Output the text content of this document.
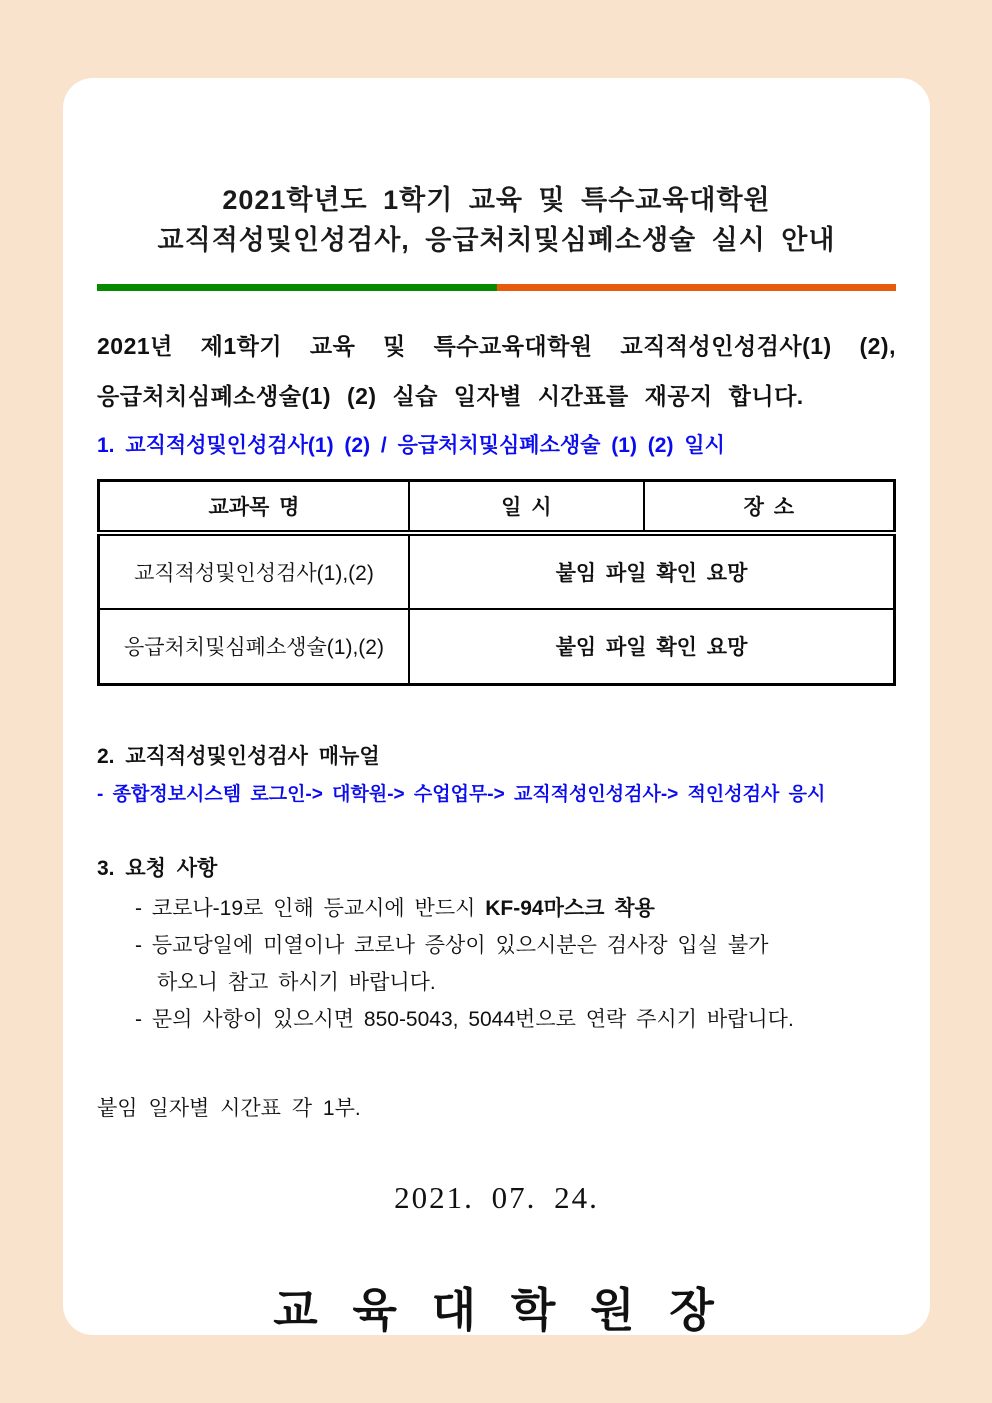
2021학년도 1학기 교육 및 특수교육대학원
교직적성및인성검사, 응급처치및심폐소생술 실시 안내
2021년 제1학기 교육 및 특수교육대학원 교직적성인성검사(1) (2),
응급처치심폐소생술(1) (2) 실습 일자별 시간표를 재공지 합니다.
1. 교직적성및인성검사(1) (2) / 응급처치및심폐소생술 (1) (2) 일시
교과목 명	일 시	장 소
교직적성및인성검사(1),(2)	붙임 파일 확인 요망	
응급처치및심폐소생술(1),(2)	붙임 파일 확인 요망	
2. 교직적성및인성검사 매뉴얼
- 종합정보시스템 로그인-> 대학원-> 수업업무-> 교직적성인성검사-> 적인성검사 응시
3. 요청 사항
- 코로나-19로 인해 등교시에 반드시 KF-94마스크 착용
- 등교당일에 미열이나 코로나 증상이 있으시분은 검사장 입실 불가
하오니 참고 하시기 바랍니다.
- 문의 사항이 있으시면 850-5043, 5044번으로 연락 주시기 바랍니다.
붙임 일자별 시간표 각 1부.
2021. 07. 24.
교 육 대 학 원 장
